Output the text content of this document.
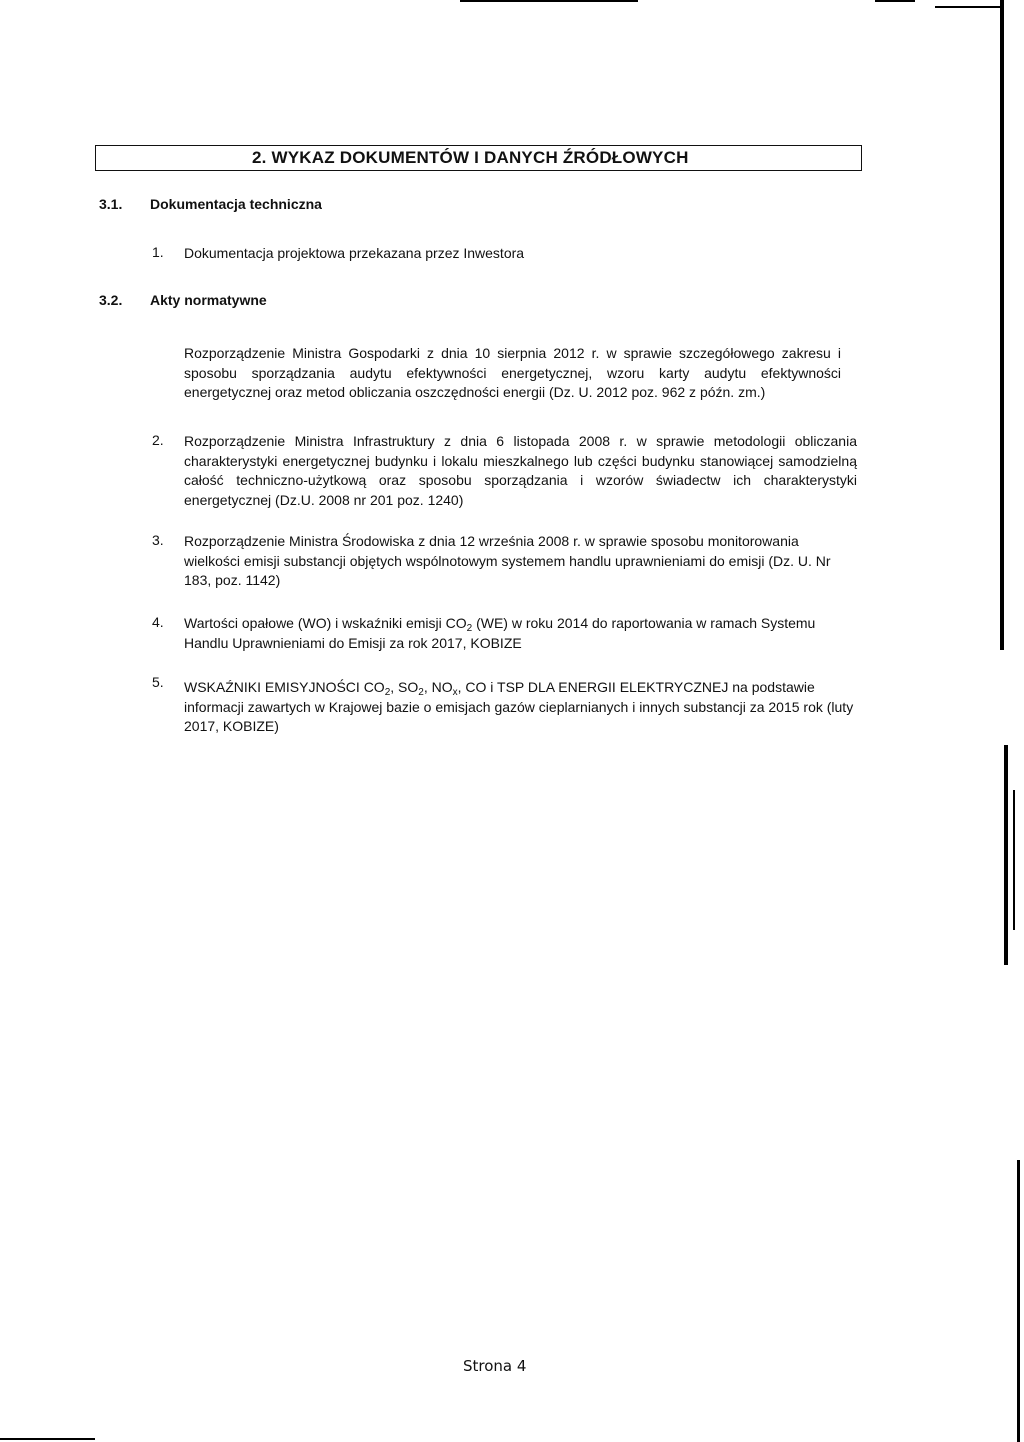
2. WYKAZ DOKUMENTÓW I DANYCH ŹRÓDŁOWYCH
3.1. Dokumentacja techniczna
1. Dokumentacja projektowa przekazana przez Inwestora
3.2. Akty normatywne
Rozporządzenie Ministra Gospodarki z dnia 10 sierpnia 2012 r. w sprawie szczegółowego zakresu i sposobu sporządzania audytu efektywności energetycznej, wzoru karty audytu efektywności energetycznej oraz metod obliczania oszczędności energii (Dz. U. 2012 poz. 962 z późn. zm.)
2. Rozporządzenie Ministra Infrastruktury z dnia 6 listopada 2008 r. w sprawie metodologii obliczania charakterystyki energetycznej budynku i lokalu mieszkalnego lub części budynku stanowiącej samodzielną całość techniczno-użytkową oraz sposobu sporządzania i wzorów świadectw ich charakterystyki energetycznej (Dz.U. 2008 nr 201 poz. 1240)
3. Rozporządzenie Ministra Środowiska z dnia 12 września 2008 r. w sprawie sposobu monitorowania wielkości emisji substancji objętych wspólnotowym systemem handlu uprawnieniami do emisji (Dz. U. Nr 183, poz. 1142)
4. Wartości opałowe (WO) i wskaźniki emisji $CO_2$ (WE) w roku 2014 do raportowania w ramach Systemu Handlu Uprawnieniami do Emisji za rok 2017, KOBIZE
5. WSKAŹNIKI EMISYJNOŚCI $CO_2$, $SO_2$, $NO_x$, CO i TSP DLA ENERGII ELEKTRYCZNEJ na podstawie informacji zawartych w Krajowej bazie o emisjach gazów cieplarnianych i innych substancji za 2015 rok (luty 2017, KOBIZE)
Strona 4
